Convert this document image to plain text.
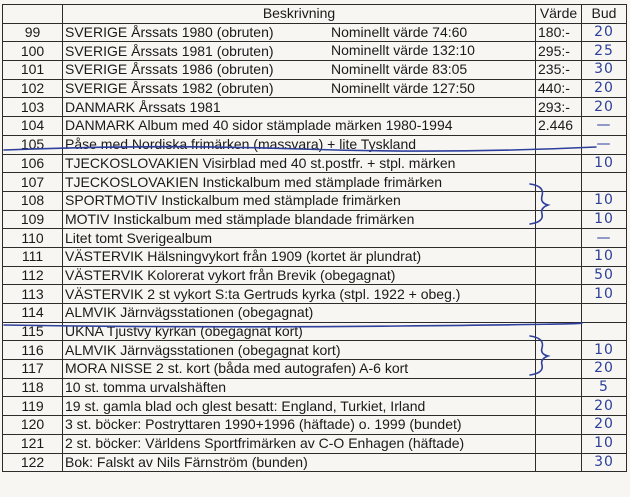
	Beskrivning	Värde	Bud
99	SVERIGE Årssats 1980 (obruten) Nominellt värde 74:60	180:-	20
100	SVERIGE Årssats 1981 (obruten) Nominellt värde 132:10	295:-	25
101	SVERIGE Årssats 1986 (obruten) Nominellt värde 83:05	235:-	30
102	SVERIGE Årssats 1982 (obruten) Nominellt värde 127:50	440:-	20
103	DANMARK Årssats 1981	293:-	20
104	DANMARK Album med 40 sidor stämplade märken 1980-1994	2.446	—
105	Påse med Nordiska frimärken (massvara) + lite Tyskland		—
106	TJECKOSLOVAKIEN Visirblad med 40 st.postfr. + stpl. märken		10
107	TJECKOSLOVAKIEN Instickalbum med stämplade frimärken		
108	SPORTMOTIV Instickalbum med stämplade frimärken		10
109	MOTIV Instickalbum med stämplade blandade frimärken		10
110	Litet tomt Sverigealbum		—
111	VÄSTERVIK Hälsningvykort från 1909 (kortet är plundrat)		10
112	VÄSTERVIK Kolorerat vykort från Brevik (obegagnat)		50
113	VÄSTERVIK 2 st vykort S:ta Gertruds kyrka (stpl. 1922 + obeg.)		10
114	ALMVIK Järnvägsstationen (obegagnat)		
115	UKNA Tjustvy kyrkan (obegagnat kort)		
116	ALMVIK Järnvägsstationen (obegagnat kort)		10
117	MORA NISSE 2 st. kort (båda med autografen) A-6 kort		20
118	10 st. tomma urvalshäften		5
119	19 st. gamla blad och glest besatt: England, Turkiet, Irland		20
120	3 st. böcker: Postryttaren 1990+1996 (häftade) o. 1999 (bundet)		20
121	2 st. böcker: Världens Sportfrimärken av C-O Enhagen (häftade)		10
122	Bok: Falskt av Nils Färnström (bunden)		30
